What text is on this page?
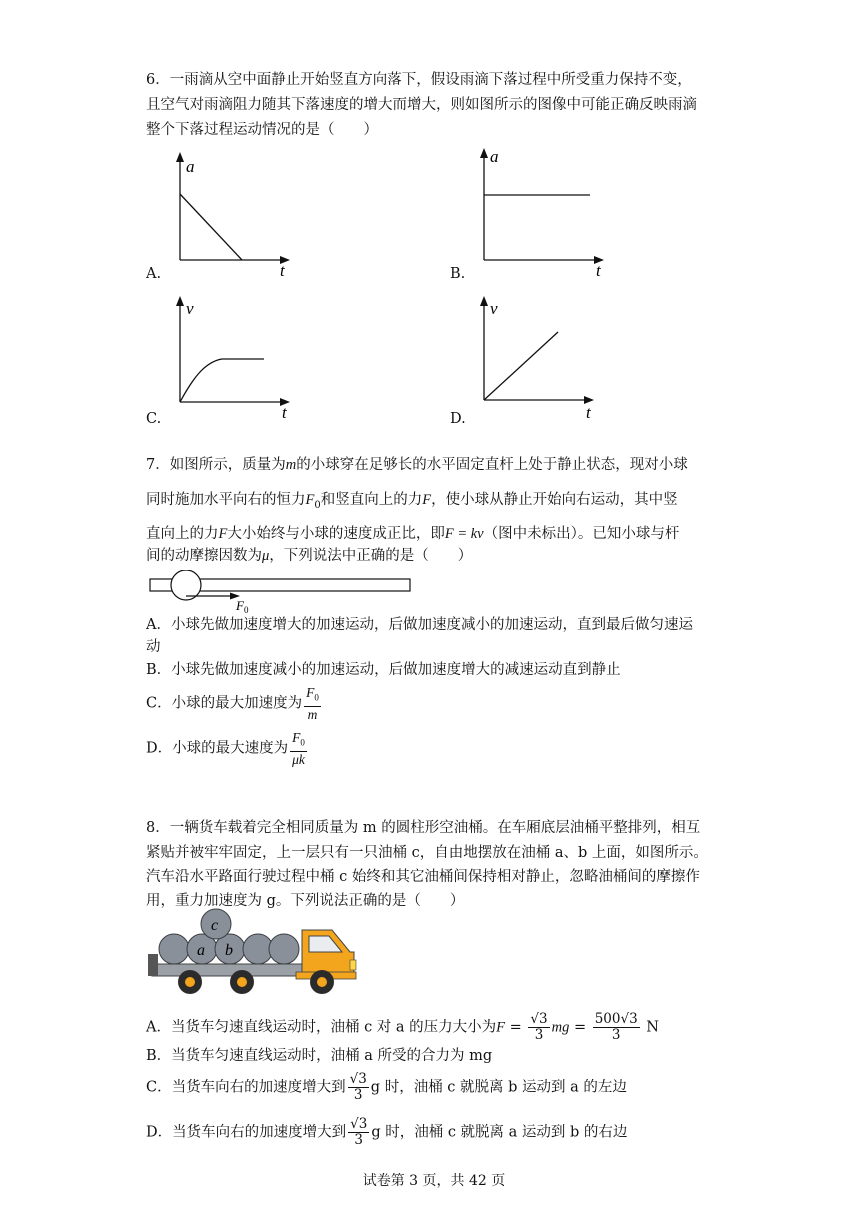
6．一雨滴从空中面静止开始竖直方向落下，假设雨滴下落过程中所受重力保持不变，
且空气对雨滴阻力随其下落速度的增大而增大，则如图所示的图像中可能正确反映雨滴
整个下落过程运动情况的是（　　）
A.
a
t	B.
a
t
C.
v
t	D.
v
t
7．如图所示，质量为m的小球穿在足够长的水平固定直杆上处于静止状态，现对小球
同时施加水平向右的恒力$F_0$和竖直向上的力F，使小球从静止开始向右运动，其中竖
直向上的力F大小始终与小球的速度成正比，即F = kv（图中未标出）。已知小球与杆
间的动摩擦因数为μ，下列说法中正确的是（　　）
$F_0$
A．小球先做加速度增大的加速运动，后做加速度减小的加速运动，直到最后做匀速运
动
B．小球先做加速度减小的加速运动，后做加速度增大的减速运动直到静止
C．小球的最大加速度为 $\frac{F_0}{m}$
D．小球的最大速度为 $\frac{F_0}{\mu k}$
8．一辆货车载着完全相同质量为 m 的圆柱形空油桶。在车厢底层油桶平整排列，相互
紧贴并被牢牢固定，上一层只有一只油桶 c，自由地摆放在油桶 a、b 上面，如图所示。
汽车沿水平路面行驶过程中桶 c 始终和其它油桶间保持相对静止，忽略油桶间的摩擦作
用，重力加速度为 g。下列说法正确的是（　　）
c
a b
A．当货车匀速直线运动时，油桶 c 对 a 的压力大小为$F = \frac{√3}{3}$ mg = $\frac{500√3}{3}$ N
B．当货车匀速直线运动时，油桶 a 所受的合力为 mg
C．当货车向右的加速度增大到 $\frac{√3}{3}$ g 时，油桶 c 就脱离 b 运动到 a 的左边
D．当货车向右的加速度增大到 $\frac{√3}{3}$ g 时，油桶 c 就脱离 a 运动到 b 的右边
试卷第 3 页，共 42 页
